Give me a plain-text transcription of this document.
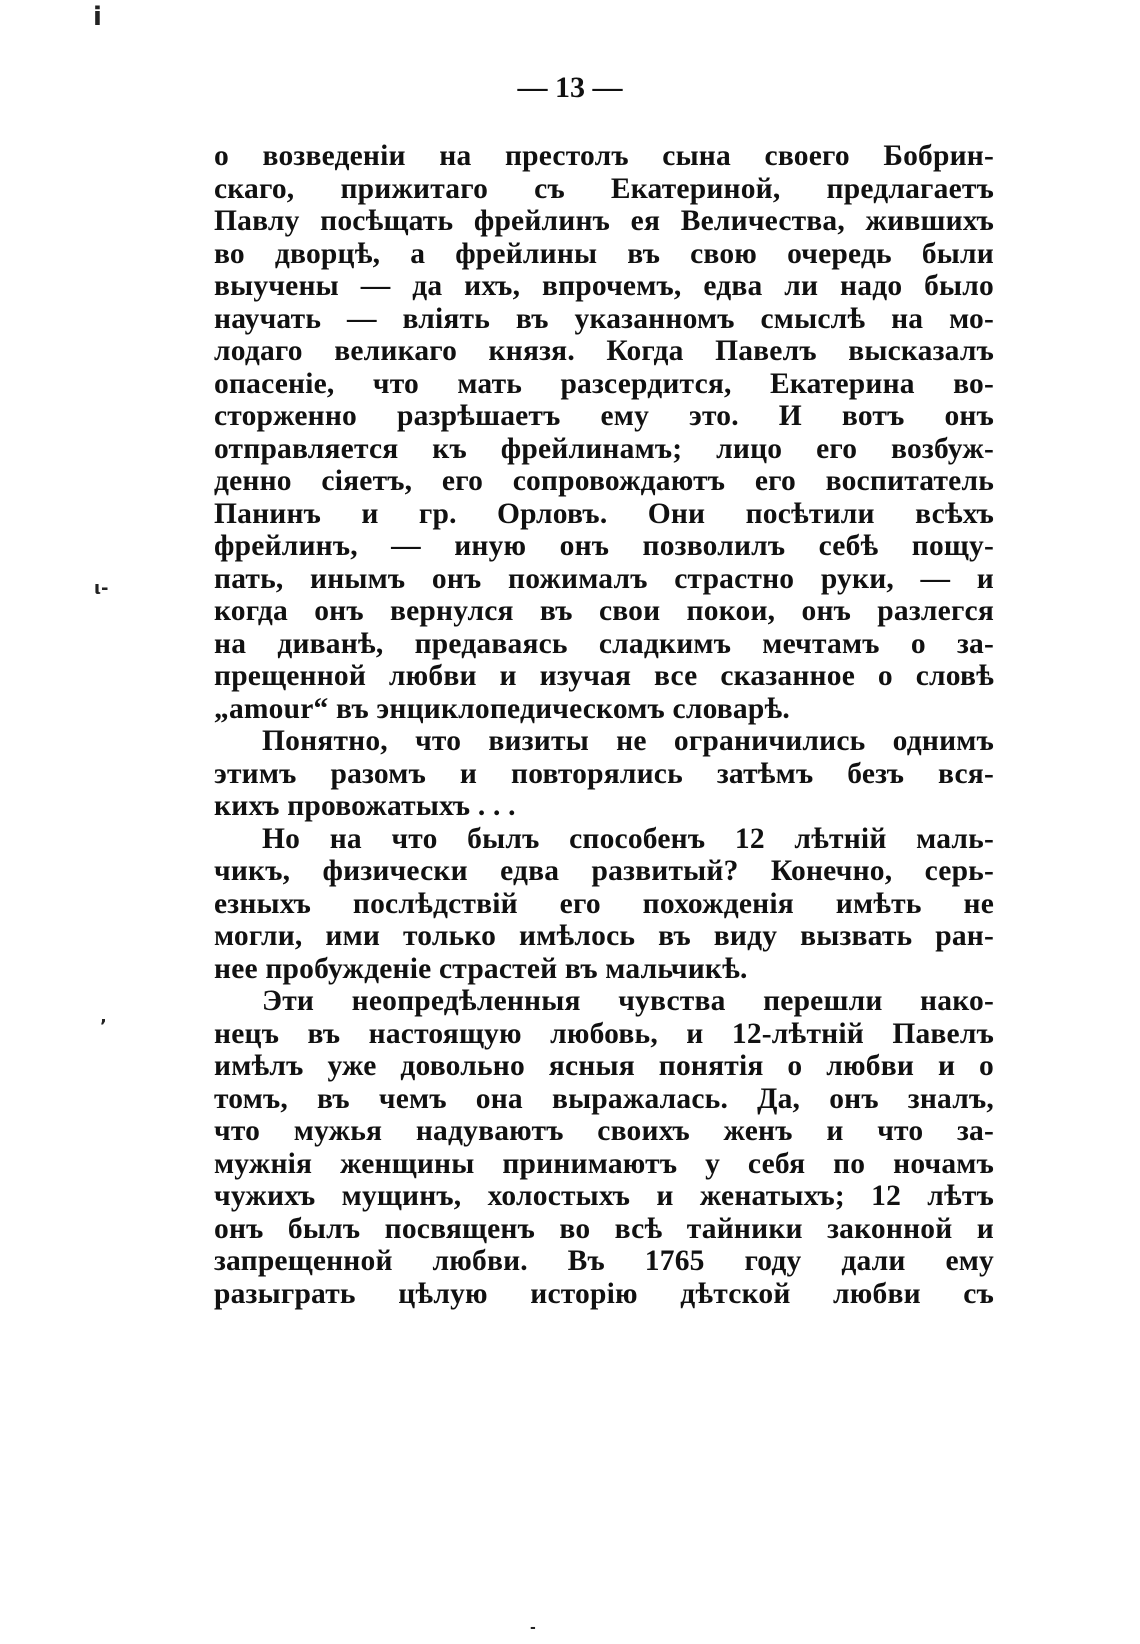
ⅰ
ι-
ʼ
-
— 13 —
о возведеніи на престолъ сына своего Бобрин-
скаго, прижитаго съ Екатериной, предлагаетъ
Павлу посѣщать фрейлинъ ея Величества, жившихъ
во дворцѣ, а фрейлины въ свою очередь были
выучены — да ихъ, впрочемъ, едва ли надо было
научать — влiять въ указанномъ смыслѣ на мо-
лодаго великаго князя. Когда Павелъ высказалъ
опасенiе, что мать разсердится, Екатерина во-
сторженно разрѣшаетъ ему это. И вотъ онъ
отправляется къ фрейлинамъ; лицо его возбуж-
денно сiяетъ, его сопровождаютъ его воспитатель
Панинъ и гр. Орловъ. Они посѣтили всѣхъ
фрейлинъ, — иную онъ позволилъ себѣ пощу-
пать, инымъ онъ пожималъ страстно руки, — и
когда онъ вернулся въ свои покои, онъ разлегся
на диванѣ, предаваясь сладкимъ мечтамъ о за-
прещенной любви и изучая все сказанное о словѣ
„amour“ въ энциклопедическомъ словарѣ.
Понятно, что визиты не ограничились однимъ
этимъ разомъ и повторялись затѣмъ безъ вся-
кихъ провожатыхъ . . .
Но на что былъ способенъ 12 лѣтнiй маль-
чикъ, физически едва развитый? Конечно, серь-
езныхъ послѣдствiй его похожденiя имѣть не
могли, ими только имѣлось въ виду вызвать ран-
нее пробужденiе страстей въ мальчикѣ.
Эти неопредѣленныя чувства перешли нако-
нецъ въ настоящую любовь, и 12-лѣтнiй Павелъ
имѣлъ уже довольно ясныя понятiя о любви и о
томъ, въ чемъ она выражалась. Да, онъ зналъ,
что мужья надуваютъ своихъ женъ и что за-
мужнiя женщины принимаютъ у себя по ночамъ
чужихъ мущинъ, холостыхъ и женатыхъ; 12 лѣтъ
онъ былъ посвященъ во всѣ тайники законной и
запрещенной любви. Въ 1765 году дали ему
разыграть цѣлую исторiю дѣтской любви съ
